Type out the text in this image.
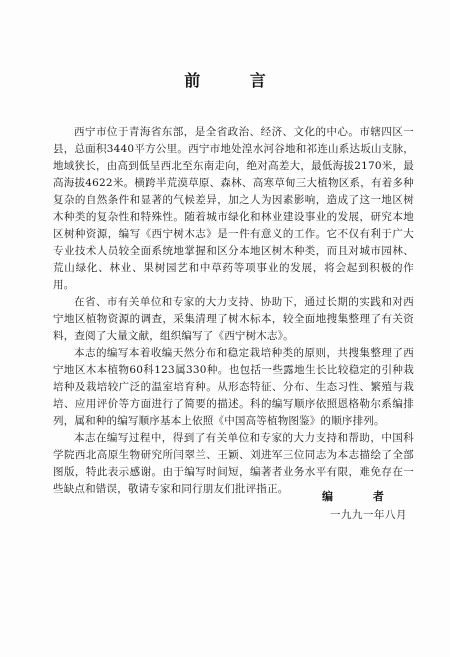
前 言

西宁市位于青海省东部，是全省政治、经济、文化的中心。市辖四区一县，总面积3440平方公里。西宁市地处湟水河谷地和祁连山系达坂山支脉，地域狭长，由高到低呈西北至东南走向，绝对高差大，最低海拔2170米，最高海拔4622米。横跨半荒漠草原、森林、高寒草甸三大植物区系，有着多种复杂的自然条件和显著的气候差异，加之人为因素影响，造成了这一地区树木种类的复杂性和特殊性。随着城市绿化和林业建设事业的发展，研究本地区树种资源，编写《西宁树木志》是一件有意义的工作。它不仅有利于广大专业技术人员较全面系统地掌握和区分本地区树木种类，而且对城市园林、荒山绿化、林业、果树园艺和中草药等项事业的发展，将会起到积极的作用。

在省、市有关单位和专家的大力支持、协助下，通过长期的实践和对西宁地区植物资源的调查，采集清理了树木标本，较全面地搜集整理了有关资料，查阅了大量文献，组织编写了《西宁树木志》。

本志的编写本着收编天然分布和稳定栽培种类的原则，共搜集整理了西宁地区木本植物60科123属330种。也包括一些露地生长比较稳定的引种栽培种及栽培较广泛的温室培育种。从形态特征、分布、生态习性、繁殖与栽培、应用评价等方面进行了简要的描述。科的编写顺序依照恩格勒尔系编排列，属和种的编写顺序基本上依照《中国高等植物图鉴》的顺序排列。

本志在编写过程中，得到了有关单位和专家的大力支持和帮助，中国科学院西北高原生物研究所闫翠兰、王颖、刘进军三位同志为本志描绘了全部图版，特此表示感谢。由于编写时间短，编著者业务水平有限，难免存在一些缺点和错误，敬请专家和同行朋友们批评指正。

编 者
一九九一年八月
